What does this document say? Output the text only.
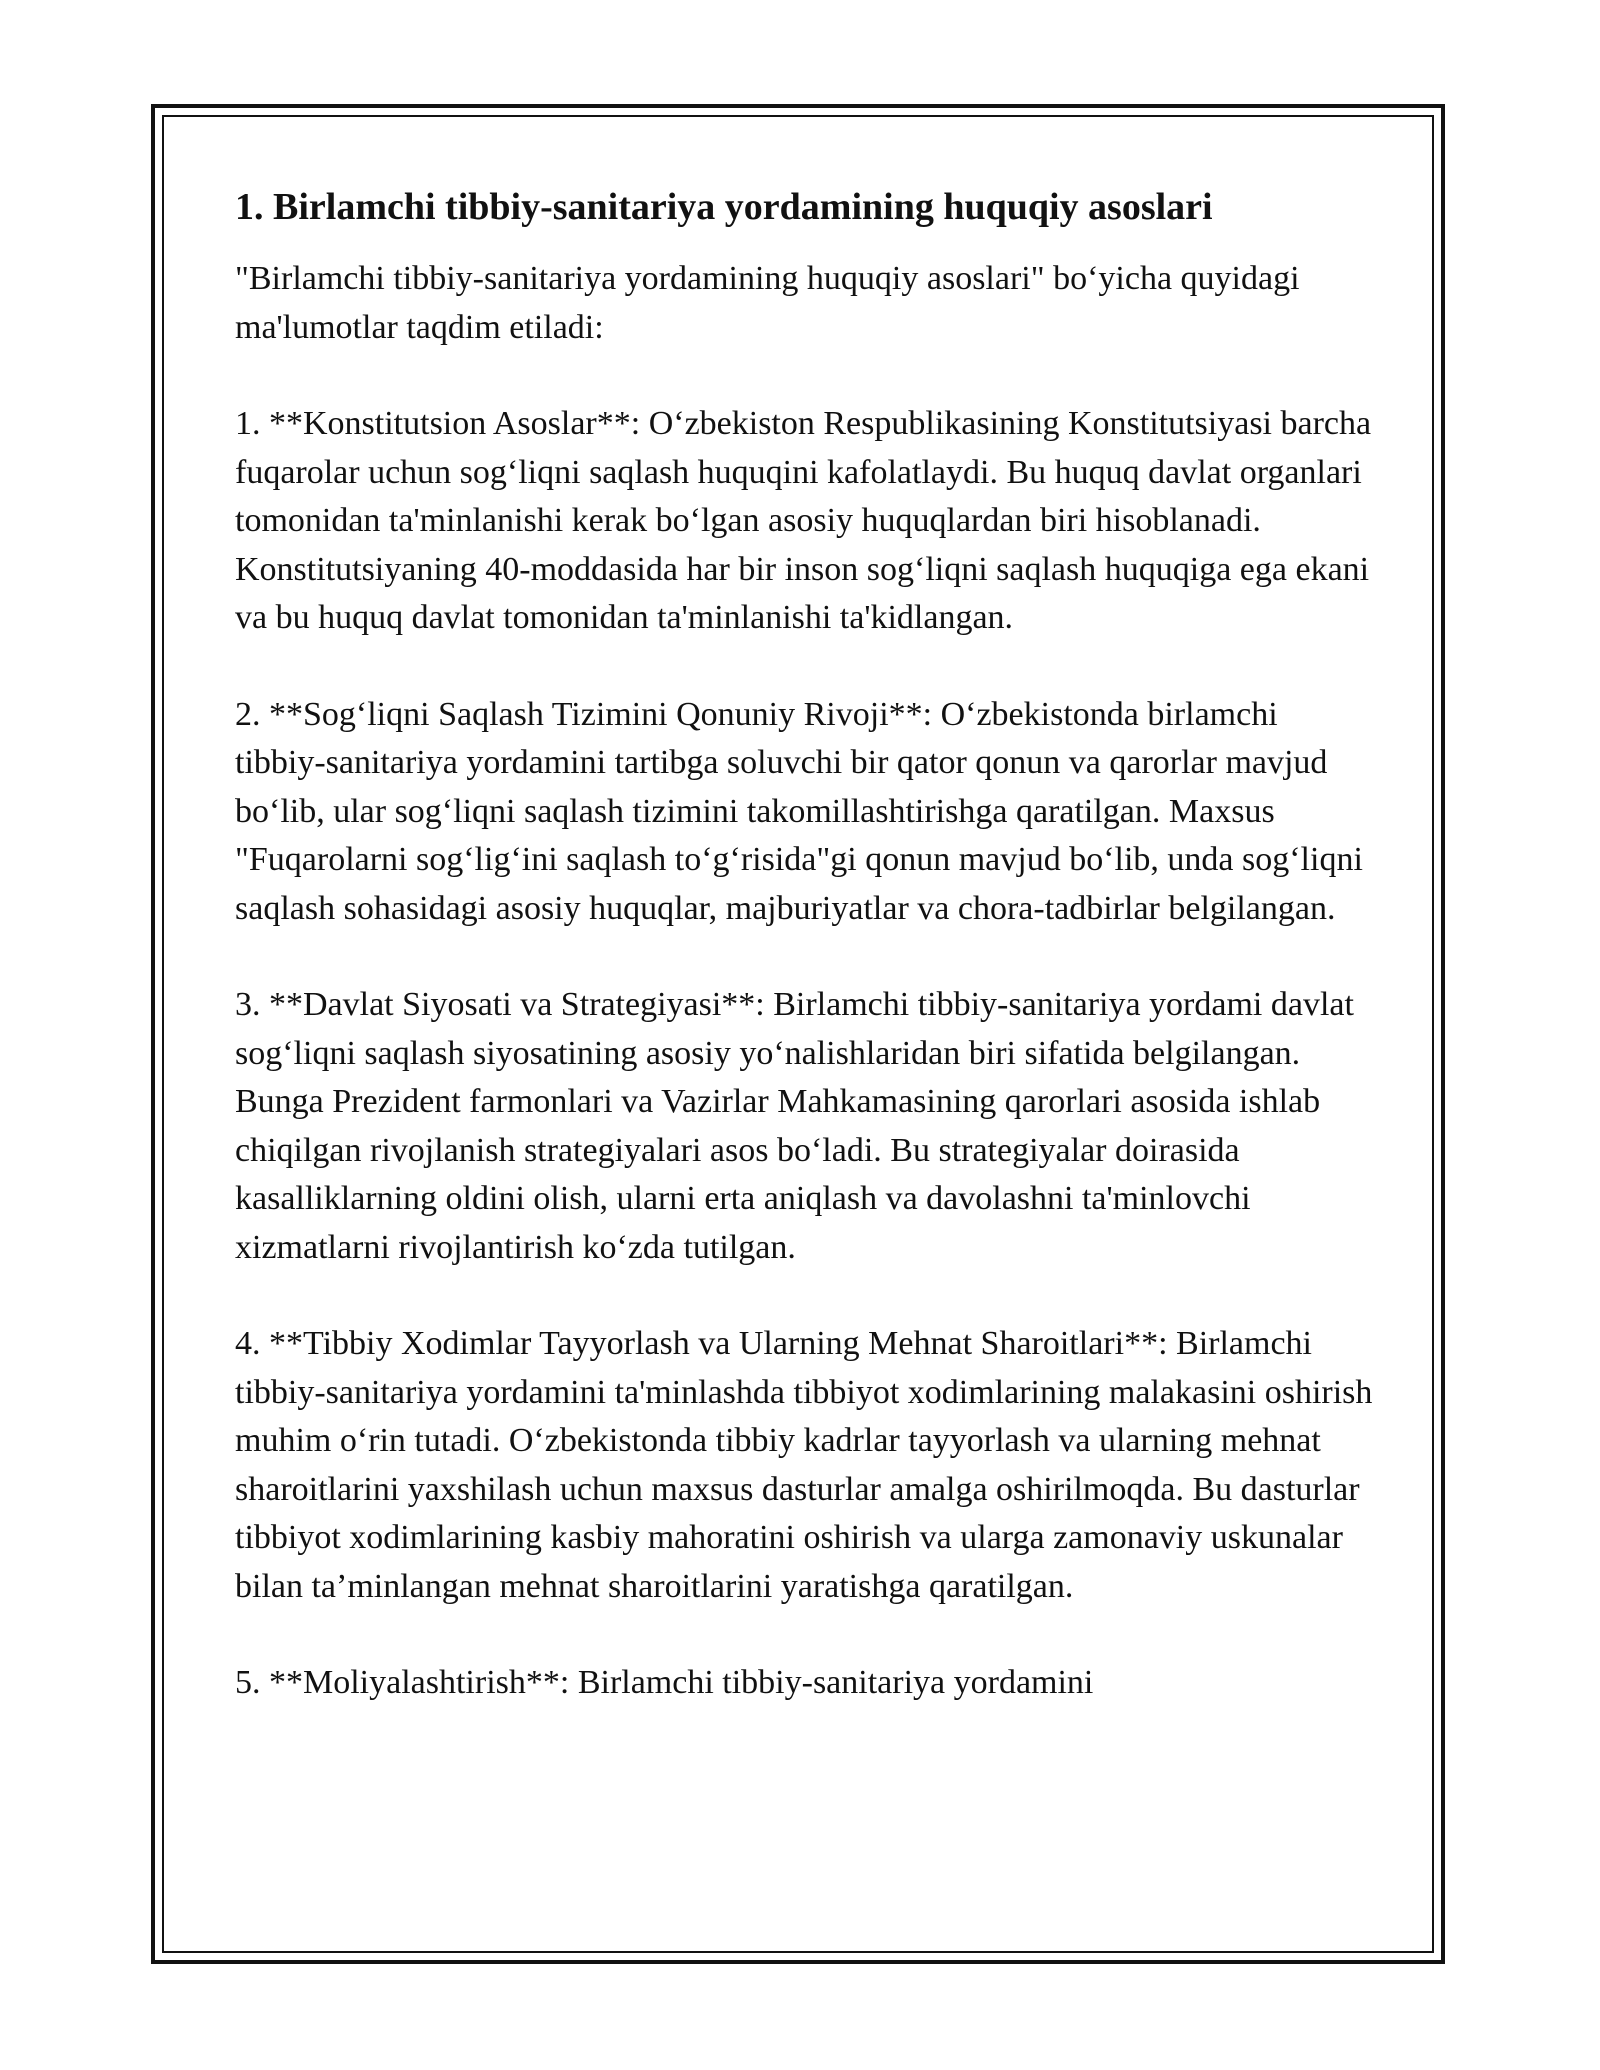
1. Birlamchi tibbiy-sanitariya yordamining huquqiy asoslari

"Birlamchi tibbiy-sanitariya yordamining huquqiy asoslari" bo‘yicha quyidagi ma'lumotlar taqdim etiladi:

1. **Konstitutsion Asoslar**: O‘zbekiston Respublikasining Konstitutsiyasi barcha fuqarolar uchun sog‘liqni saqlash huquqini kafolatlaydi. Bu huquq davlat organlari tomonidan ta'minlanishi kerak bo‘lgan asosiy huquqlardan biri hisoblanadi. Konstitutsiyaning 40-moddasida har bir inson sog‘liqni saqlash huquqiga ega ekani va bu huquq davlat tomonidan ta'minlanishi ta'kidlangan.

2. **Sog‘liqni Saqlash Tizimini Qonuniy Rivoji**: O‘zbekistonda birlamchi tibbiy-sanitariya yordamini tartibga soluvchi bir qator qonun va qarorlar mavjud bo‘lib, ular sog‘liqni saqlash tizimini takomillashtirishga qaratilgan. Maxsus "Fuqarolarni sog‘lig‘ini saqlash to‘g‘risida"gi qonun mavjud bo‘lib, unda sog‘liqni saqlash sohasidagi asosiy huquqlar, majburiyatlar va chora-tadbirlar belgilangan.

3. **Davlat Siyosati va Strategiyasi**: Birlamchi tibbiy-sanitariya yordami davlat sog‘liqni saqlash siyosatining asosiy yo‘nalishlaridan biri sifatida belgilangan. Bunga Prezident farmonlari va Vazirlar Mahkamasining qarorlari asosida ishlab chiqilgan rivojlanish strategiyalari asos bo‘ladi. Bu strategiyalar doirasida kasalliklarning oldini olish, ularni erta aniqlash va davolashni ta'minlovchi xizmatlarni rivojlantirish ko‘zda tutilgan.

4. **Tibbiy Xodimlar Tayyorlash va Ularning Mehnat Sharoitlari**: Birlamchi tibbiy-sanitariya yordamini ta'minlashda tibbiyot xodimlarining malakasini oshirish muhim o‘rin tutadi. O‘zbekistonda tibbiy kadrlar tayyorlash va ularning mehnat sharoitlarini yaxshilash uchun maxsus dasturlar amalga oshirilmoqda. Bu dasturlar tibbiyot xodimlarining kasbiy mahoratini oshirish va ularga zamonaviy uskunalar bilan ta’minlangan mehnat sharoitlarini yaratishga qaratilgan.

5. **Moliyalashtirish**: Birlamchi tibbiy-sanitariya yordamini
